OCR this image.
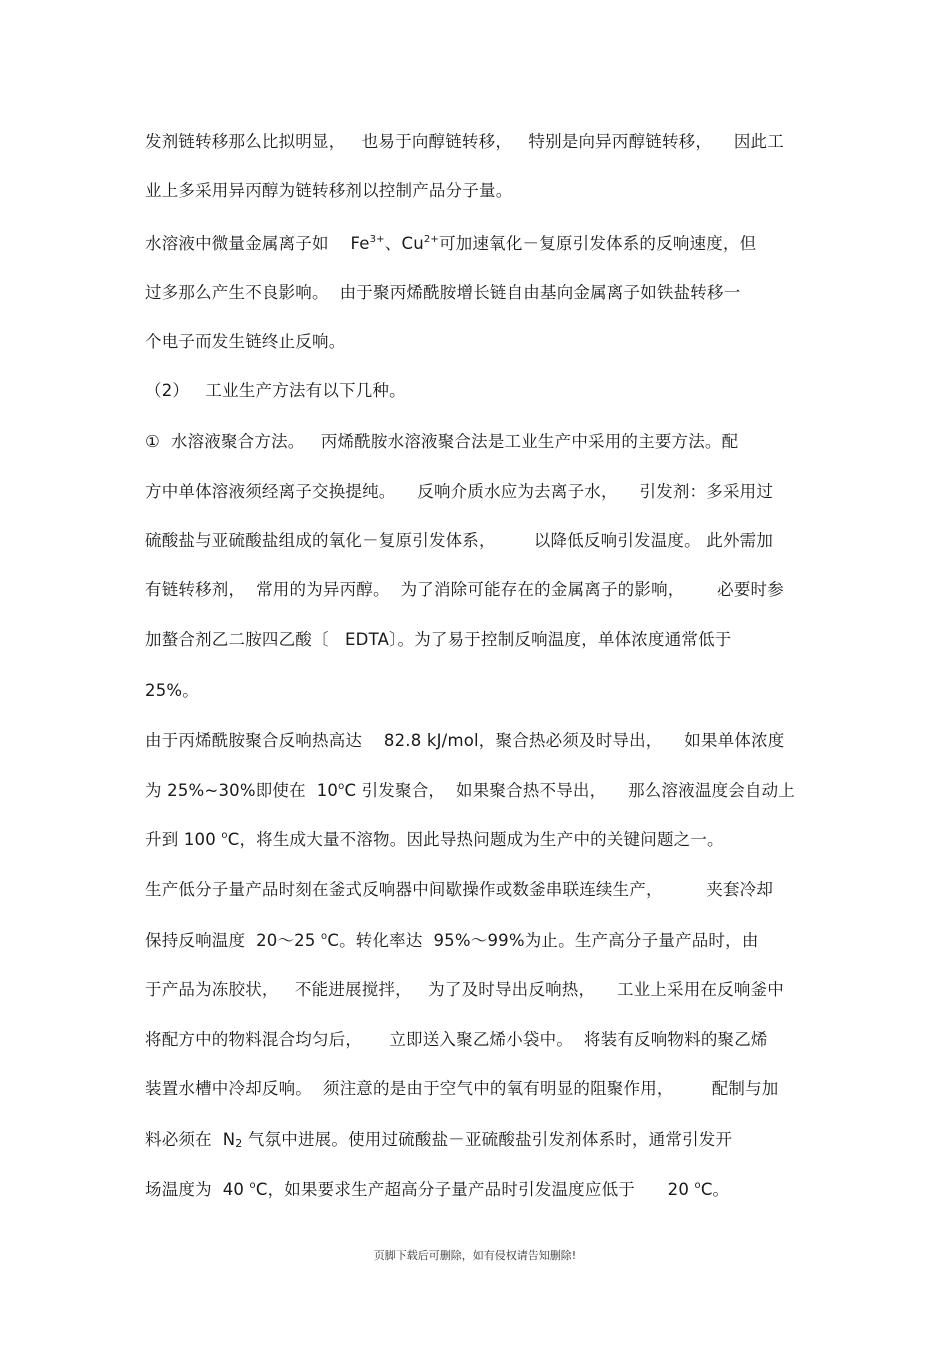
发剂链转移那么比拟明显，   也易于向醇链转移，   特别是向异丙醇链转移，    因此工
业上多采用异丙醇为链转移剂以控制产品分子量。
水溶液中微量金属离子如    $Fe^{3+}$、$Cu^{2+}$可加速氧化－复原引发体系的反响速度，但
过多那么产生不良影响。  由于聚丙烯酰胺增长链自由基向金属离子如铁盐转移一
个电子而发生链终止反响。
（2）   工业生产方法有以下几种。
①  水溶液聚合方法。   丙烯酰胺水溶液聚合法是工业生产中采用的主要方法。配
方中单体溶液须经离子交换提纯。    反响介质水应为去离子水，    引发剂：多采用过
硫酸盐与亚硫酸盐组成的氧化－复原引发体系，       以降低反响引发温度。 此外需加
有链转移剂，  常用的为异丙醇。  为了消除可能存在的金属离子的影响，      必要时参
加螯合剂乙二胺四乙酸〔   EDTA〕。为了易于控制反响温度，单体浓度通常低于
25%。
由于丙烯酰胺聚合反响热高达    82.8 kJ/mol，聚合热必须及时导出，    如果单体浓度
为 25%~30%即使在  10$^o$C 引发聚合，  如果聚合热不导出，    那么溶液温度会自动上
升到 100 $^o$C，将生成大量不溶物。因此导热问题成为生产中的关键问题之一。
生产低分子量产品时刻在釜式反响器中间歇操作或数釜串联连续生产，        夹套冷却
保持反响温度  20～25 $^o$C。转化率达  95%～99%为止。生产高分子量产品时，由
于产品为冻胶状，   不能进展搅拌，   为了及时导出反响热，    工业上采用在反响釜中
将配方中的物料混合均匀后，     立即送入聚乙烯小袋中。  将装有反响物料的聚乙烯
装置水槽中冷却反响。  须注意的是由于空气中的氧有明显的阻聚作用，       配制与加
料必须在  $N_2$ 气氛中进展。使用过硫酸盐－亚硫酸盐引发剂体系时，通常引发开
场温度为  40 $^o$C，如果要求生产超高分子量产品时引发温度应低于      20 $^o$C。
页脚下载后可删除，如有侵权请告知删除!
